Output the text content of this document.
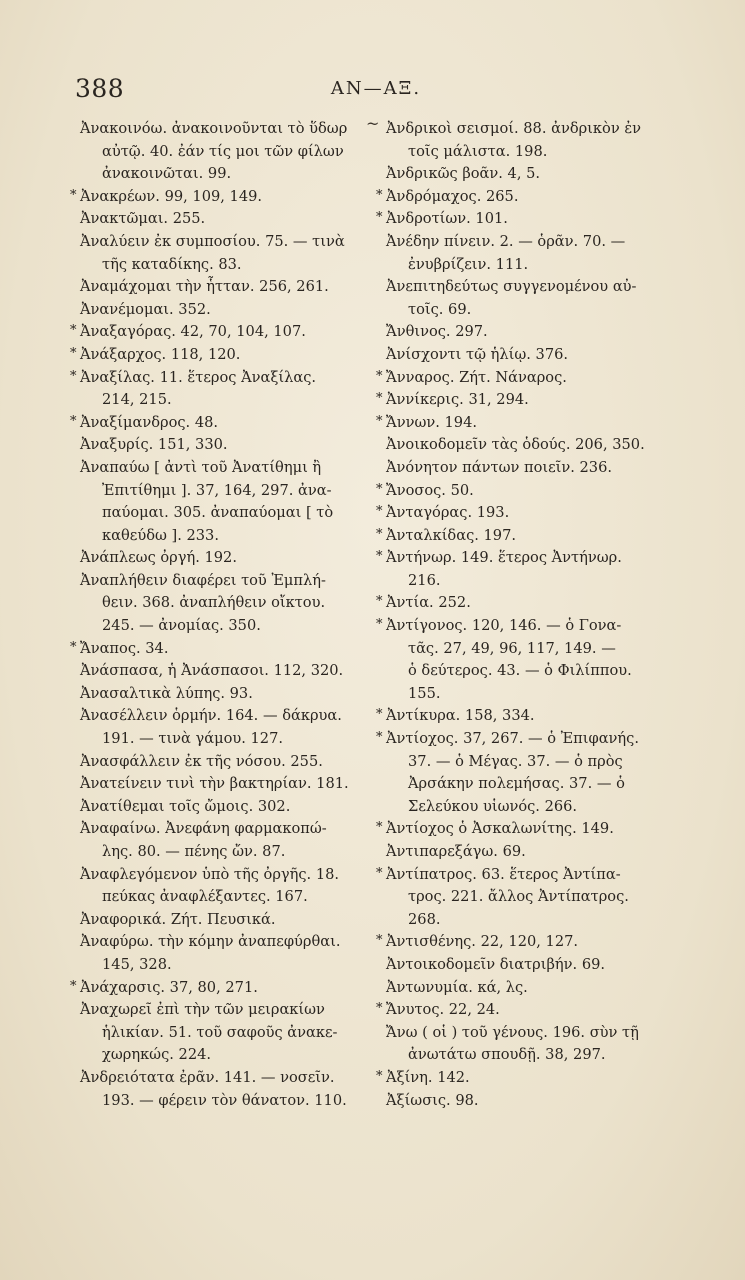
388	ΑΝ—ΑΞ.
~
Ἀνακοινόω. ἀνακοινοῦνται τὸ ὕδωρ
αὐτῷ. 40. ἐάν τίς μοι τῶν φίλων
ἀνακοινῶται. 99.
* Ἀνακρέων. 99, 109, 149.
Ἀνακτῶμαι. 255.
Ἀναλύειν ἐκ συμποσίου. 75. — τινὰ
τῆς καταδίκης. 83.
Ἀναμάχομαι τὴν ἧτταν. 256, 261.
Ἀνανέμομαι. 352.
* Ἀναξαγόρας. 42, 70, 104, 107.
* Ἀνάξαρχος. 118, 120.
* Ἀναξίλας. 11. ἕτερος Ἀναξίλας.
214, 215.
* Ἀναξίμανδρος. 48.
Ἀναξυρίς. 151, 330.
Ἀναπαύω [ ἀντὶ τοῦ Ἀνατίθημι ἢ
Ἐπιτίθημι ]. 37, 164, 297. ἀνα-
παύομαι. 305. ἀναπαύομαι [ τὸ
καθεύδω ]. 233.
Ἀνάπλεως ὀργή. 192.
Ἀναπλήθειν διαφέρει τοῦ Ἐμπλή-
θειν. 368. ἀναπλήθειν οἴκτου.
245. — ἀνομίας. 350.
* Ἄναπος. 34.
Ἀνάσπασα, ἡ Ἀνάσπασοι. 112, 320.
Ἀνασαλτικὰ λύπης. 93.
Ἀνασέλλειν ὁρμήν. 164. — δάκρυα.
191. — τινὰ γάμου. 127.
Ἀνασφάλλειν ἐκ τῆς νόσου. 255.
Ἀνατείνειν τινὶ τὴν βακτηρίαν. 181.
Ἀνατίθεμαι τοῖς ὤμοις. 302.
Ἀναφαίνω. Ἀνεφάνη φαρμακοπώ-
λης. 80. — πένης ὤν. 87.
Ἀναφλεγόμενον ὑπὸ τῆς ὀργῆς. 18.
πεύκας ἀναφλέξαντες. 167.
Ἀναφορικά. Ζήτ. Πευσικά.
Ἀναφύρω. τὴν κόμην ἀναπεφύρθαι.
145, 328.
* Ἀνάχαρσις. 37, 80, 271.
Ἀναχωρεῖ ἐπὶ τὴν τῶν μειρακίων
ἡλικίαν. 51. τοῦ σαφοῦς ἀνακε-
χωρηκώς. 224.
Ἀνδρειότατα ἐρᾶν. 141. — νοσεῖν.
193. — φέρειν τὸν θάνατον. 110.
Ἀνδρικοὶ σεισμοί. 88. ἀνδρικὸν ἐν
τοῖς μάλιστα. 198.
Ἀνδρικῶς βοᾶν. 4, 5.
* Ἀνδρόμαχος. 265.
* Ἀνδροτίων. 101.
Ἀνέδην πίνειν. 2. — ὁρᾶν. 70. —
ἐνυβρίζειν. 111.
Ἀνεπιτηδεύτως συγγενομένου αὐ-
τοῖς. 69.
Ἄνθινος. 297.
Ἀνίσχοντι τῷ ἡλίῳ. 376.
* Ἄνναρος. Ζήτ. Νάναρος.
* Ἀννίκερις. 31, 294.
* Ἄννων. 194.
Ἀνοικοδομεῖν τὰς ὁδούς. 206, 350.
Ἀνόνητον πάντων ποιεῖν. 236.
* Ἄνοσος. 50.
* Ἀνταγόρας. 193.
* Ἀνταλκίδας. 197.
* Ἀντήνωρ. 149. ἕτερος Ἀντήνωρ.
216.
* Ἀντία. 252.
* Ἀντίγονος. 120, 146. — ὁ Γονα-
τᾶς. 27, 49, 96, 117, 149. —
ὁ δεύτερος. 43. — ὁ Φιλίππου.
155.
* Ἀντίκυρα. 158, 334.
* Ἀντίοχος. 37, 267. — ὁ Ἐπιφανής.
37. — ὁ Μέγας. 37. — ὁ πρὸς
Ἀρσάκην πολεμήσας. 37. — ὁ
Σελεύκου υἱωνός. 266.
* Ἀντίοχος ὁ Ἀσκαλωνίτης. 149.
Ἀντιπαρεξάγω. 69.
* Ἀντίπατρος. 63. ἕτερος Ἀντίπα-
τρος. 221. ἄλλος Ἀντίπατρος.
268.
* Ἀντισθένης. 22, 120, 127.
Ἀντοικοδομεῖν διατριβήν. 69.
Ἀντωνυμία. κά, λς.
* Ἄνυτος. 22, 24.
Ἄνω ( οἱ ) τοῦ γένους. 196. σὺν τῇ
ἀνωτάτω σπουδῇ. 38, 297.
* Ἀξίνη. 142.
Ἀξίωσις. 98.
